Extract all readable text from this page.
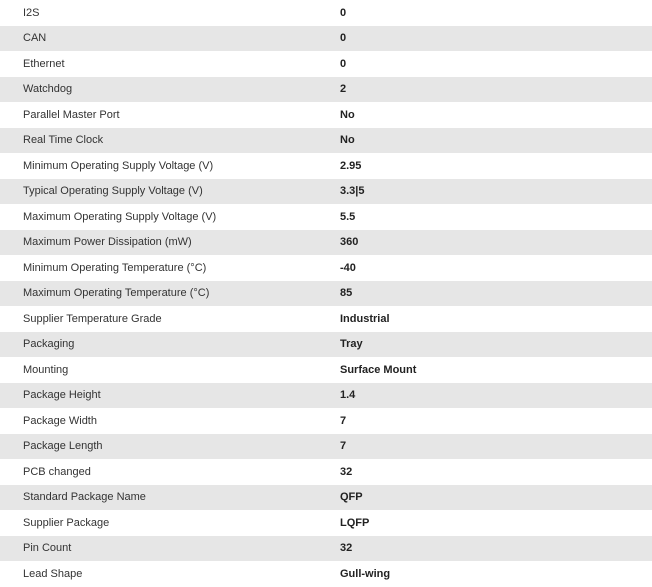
I2S	0
CAN	0
Ethernet	0
Watchdog	2
Parallel Master Port	No
Real Time Clock	No
Minimum Operating Supply Voltage (V)	2.95
Typical Operating Supply Voltage (V)	3.3|5
Maximum Operating Supply Voltage (V)	5.5
Maximum Power Dissipation (mW)	360
Minimum Operating Temperature (°C)	-40
Maximum Operating Temperature (°C)	85
Supplier Temperature Grade	Industrial
Packaging	Tray
Mounting	Surface Mount
Package Height	1.4
Package Width	7
Package Length	7
PCB changed	32
Standard Package Name	QFP
Supplier Package	LQFP
Pin Count	32
Lead Shape	Gull-wing
